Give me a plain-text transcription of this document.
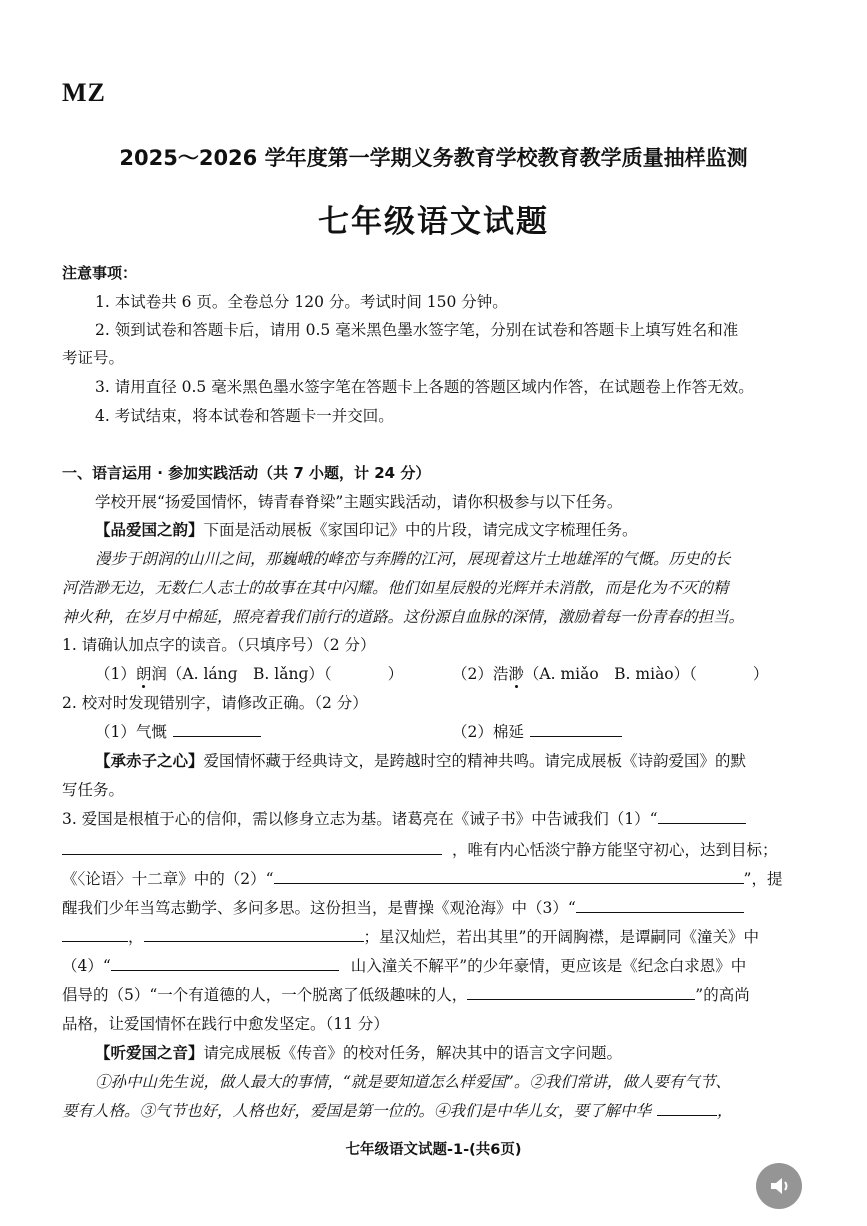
MZ
2025～2026 学年度第一学期义务教育学校教育教学质量抽样监测
七年级语文试题
注意事项：
1. 本试卷共 6 页。全卷总分 120 分。考试时间 150 分钟。
2. 领到试卷和答题卡后，请用 0.5 毫米黑色墨水签字笔，分别在试卷和答题卡上填写姓名和准
考证号。
3. 请用直径 0.5 毫米黑色墨水签字笔在答题卡上各题的答题区域内作答，在试题卷上作答无效。
4. 考试结束，将本试卷和答题卡一并交回。
一、语言运用 · 参加实践活动（共 7 小题，计 24 分）
学校开展“扬爱国情怀，铸青春脊梁”主题实践活动，请你积极参与以下任务。
【品爱国之韵】下面是活动展板《家国印记》中的片段，请完成文字梳理任务。
漫步于朗润的山川之间，那巍峨的峰峦与奔腾的江河，展现着这片土地雄浑的气慨。历史的长
河浩渺无边，无数仁人志士的故事在其中闪耀。他们如星辰般的光辉并未消散，而是化为不灭的精
神火种，在岁月中棉延，照亮着我们前行的道路。这份源自血脉的深情，激励着每一份青春的担当。
1. 请确认加点字的读音。（只填序号）（2 分）
（1）朗润（A. lánɡ　B. lǎnɡ）（	）	（2）浩渺（A. miǎo　B. miào）（	）
2. 校对时发现错别字，请修改正确。（2 分）
（1）气慨	（2）棉延
【承赤子之心】爱国情怀藏于经典诗文，是跨越时空的精神共鸣。请完成展板《诗韵爱国》的默
写任务。
3. 爱国是根植于心的信仰，需以修身立志为基。诸葛亮在《诫子书》中告诫我们（1）“
，唯有内心恬淡宁静方能坚守初心，达到目标；
《〈论语〉十二章》中的（2）“	”，提
醒我们少年当笃志勤学、多问多思。这份担当，是曹操《观沧海》中（3）“
，	；星汉灿烂，若出其里”的开阔胸襟，是谭嗣同《潼关》中
（4）“	山入潼关不解平”的少年豪情，更应该是《纪念白求恩》中
倡导的（5）“一个有道德的人，一个脱离了低级趣味的人，	”的高尚
品格，让爱国情怀在践行中愈发坚定。（11 分）
【听爱国之音】请完成展板《传音》的校对任务，解决其中的语言文字问题。
①孙中山先生说，做人最大的事情，“就是要知道怎么样爱国”。②我们常讲，做人要有气节、
要有人格。③气节也好，人格也好，爱国是第一位的。④我们是中华儿女，要了解中华	，
七年级语文试题-1-(共6页)
